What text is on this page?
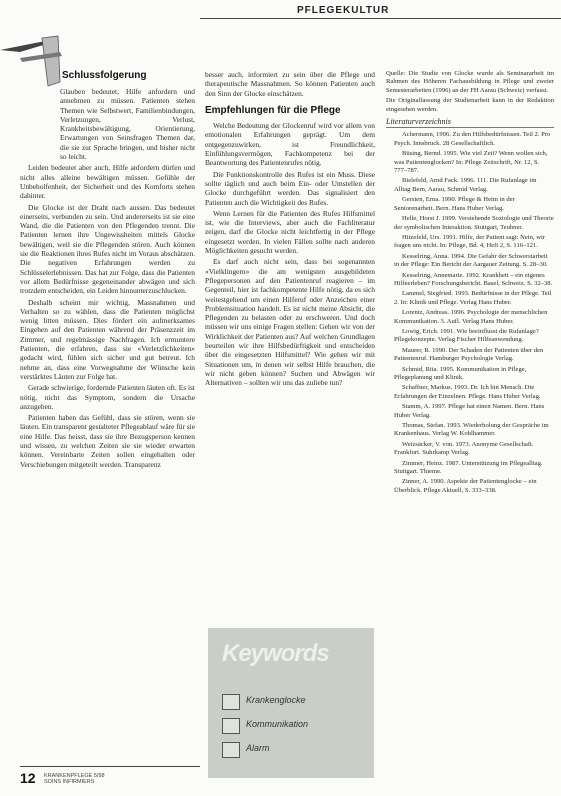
PFLEGEKULTUR
Schlussfolgerung

Glauben bedeutet, Hilfe anfordern und annehmen zu müssen. Patienten stehen Themen wie Selbstwert, Familienbindungen, Verletzungen, Verlust, Krankheitsbewältigung, Orientierung, Erwartungen von Seinsfragen Themen dar, die sie zur Sprache bringen, und bisher nicht so leicht.

Leiden bedeutet aber auch, Hilfe anfordern dürfen und nicht alles alleine bewältigen müssen. Gefühle der Unbeholfenheit, der Sicherheit und des Komforts stehen dahinter.

Die Glocke ist der Draht nach aussen. Das bedeutet einerseits, verbunden zu sein. Und andererseits ist sie eine Wand, die die Patienten von den Pflegenden trennt. Die Patienten lernen ihre Ungewissheiten mittels Glocke bewältigen, weil sie die Pflegenden stören. Auch können sie die Reaktionen ihres Rufes nicht im Voraus abschätzen. Die negativen Erfahrungen werden zu Schlüsselerlebnissen. Das hat zur Folge, dass die Patienten vor allem Bedürfnisse gegeneinander abwägen und sich trotzdem entscheiden, ein Leiden hinnunterzuschlucken.

Deshalb scheint mir wichtig, Massnahmen und Verhalten so zu wählen, dass die Patienten möglichst wenig litten müssen. Dies fördert ein aufmerksames Eingehen auf den Patienten während der Präsenzzeit im Zimmer, und regelmässige Nachfragen. Ich ermuntere Patienten, die erfahren, dass sie «Verletzlichkeiten» gedacht wird, fühlen sich sicher und gut betreut. Ich nehme an, dass eine Vorwegnahme der Wünsche kein verstärktes Läuten zur Folge hat.

Gerade schwierige, fordernde Patienten läuten oft. Es ist nötig, nicht das Symptom, sondern die Ursache anzugehen.

Patienten haben das Gefühl, dass sie stören, wenn sie läuten. Ein transparent gestalteter Pflegeablauf wäre für sie eine Hilfe. Das heisst, dass sie ihre Bezugsperson kennen und wissen, zu welchen Zeiten sie sie wieder erwarten können. Vereinbarte Zeiten sollen eingehalten oder Verschiebungen mitgeteilt werden. Transparenz

besser auch, informiert zu sein über die Pflege und therapeutische Massnahmen. So können Patienten auch den Sinn der Glocke einschätzen.

Empfehlungen für die Pflege

Welche Bedeutung der Glockenruf wird vor allem von emotionalen Erfahrungen geprägt. Um dem entgegenzuwirken, ist Freundlichkeit, Einfühlungsvermögen, Fachkompetenz bei der Beantwortung des Patientenrufes nötig.

Die Funktionskontrolle des Rufes ist ein Muss. Diese sollte täglich und auch beim Ein- oder Umstellen der Glocke durchgeführt werden. Das signalisiert den Patienten auch die Wichtigkeit des Rufes.

Wenn Lernen für die Patienten des Rufes Hilfsmittel ist, wie die Interviews, aber auch die Fachliteratur zeigen, darf die Glocke nicht leichtfertig in der Pflege eingesetzt werden. In vielen Fällen sollte nach anderen Möglichkeiten gesucht werden.

Es darf auch nicht sein, dass bei sogenannten «Vielklingern» die am wenigsten ausgebildeten Pflegepersonen auf den Patientenruf reagieren – im Gegenteil, hier ist fachkompetente Hilfe nötig, da es sich weitestgehend um einen Hilferuf oder Anzeichen einer Problemsituation handelt. Es ist nicht meine Absicht, die Pflegenden zu belasten oder zu erschweren. Und doch müssen wir uns einige Fragen stellen: Gehen wir von der Wirklichkeit der Patienten aus? Auf welchen Grundlagen beurteilen wir ihre Hilfsbedürftigkeit und entscheiden über die eingesetzten Hilfsmittel? Wie gehen wir mit Situationen um, in denen wir selbst Hilfe brauchen, die wir nicht geben können? Suchen und Abwägen wir Alternativen – sollten wir uns das zuliebe tun?

Quelle: Die Studie von Glocke wurde als Seminararbeit im Rahmen des Höheren Fachausbildung in Pflege und zweier Semesterarbeiten (1996) an der FH Aarau (Schweiz) verfasst.

Die Originalfassung der Studienarbeit kann in der Redaktion eingesehen werden.

Literaturverzeichnis

Achermann, 1996. Zu den Hilfsbedürfnissen. Teil 2. Pro Psych. Innsbruck. 28 Gesellschaftlich.

Büsing, Bernd. 1995. Wie viel Zeit? Wenn wollen sich, was Patientenglocken? In: Pflege Zeitschrift, Nr. 12, S. 777–787.

Bielefeld, Arnd Fack. 1996. 111. Die Rufanlage im Alltag Bern, Aarau, Schmid Verlag.

Gersten, Erna. 1990. Pflege & Heim in der Seniorenarbeit. Bern. Hans Huber Verlag.

Helle, Horst J. 1999. Verstehende Soziologie und Theorie der symbolischen Interaktion. Stuttgart, Teubner.

Hitzefeld, Urs. 1991. Hilfe, der Patient sagt: Nein, wir fragen uns nicht. In: Pflege, Bd. 4, Heft 2, S. 116–121.

Kesselring, Anna. 1994. Die Gefahr der Schwerstarbeit in der Pflege: Ein Bericht der Aargauer Zeitung. S. 28–30.

Kesselring, Annemarie. 1992. Krankheit – ein eigenes Hilfeerleben? Forschungsbericht. Basel, Schweiz. S. 32–38.

Lammel, Siegfried. 1993. Bedürfnisse in der Pflege. Teil 2. In: Klinik und Pflege. Verlag Hans Huber.

Lorentz, Andreas. 1996. Psychologie der menschlichen Kommunikation. 3. Aufl. Verlag Hans Huber.

Lowig, Erich. 1991. Wie beeinflusst die Rufanlage? Pflegekonzepte. Verlag Fischer Hilfeanwendung.

Maurer, R. 1990. Der Schaden der Patienten über den Patientenruf. Hamburger Psychologie Verlag.

Schmid, Rita. 1995. Kommunikation in Pflege, Pflegeplanung und Klinik.

Schaffner, Markus. 1993. Dr. Ich bin Mensch. Die Erfahrungen der Einzelnen. Pflege. Hans Huber Verlag.

Stamm, A. 1997. Pflege hat einen Namen. Bern. Hans Huber Verlag.

Thomas, Stefan. 1993. Wiederholung der Gespräche im Krankenhaus. Verlag W. Kohlhammer.

Weizsäcker, V. von. 1973. Anonyme Gesellschaft. Frankfurt. Suhrkamp Verlag.

Zimmer, Heinz. 1987. Unterstützung im Pflegealltag. Stuttgart. Thieme.

Zinner, A. 1990. Aspekte der Patientenglocke – ein Überblick. Pflege Aktuell, S. 333–338.

Keywords
Krankenglocke
Kommunikation
Alarm
12 KRANKENPFLEGE 5/98
SOINS INFIRMIERS
